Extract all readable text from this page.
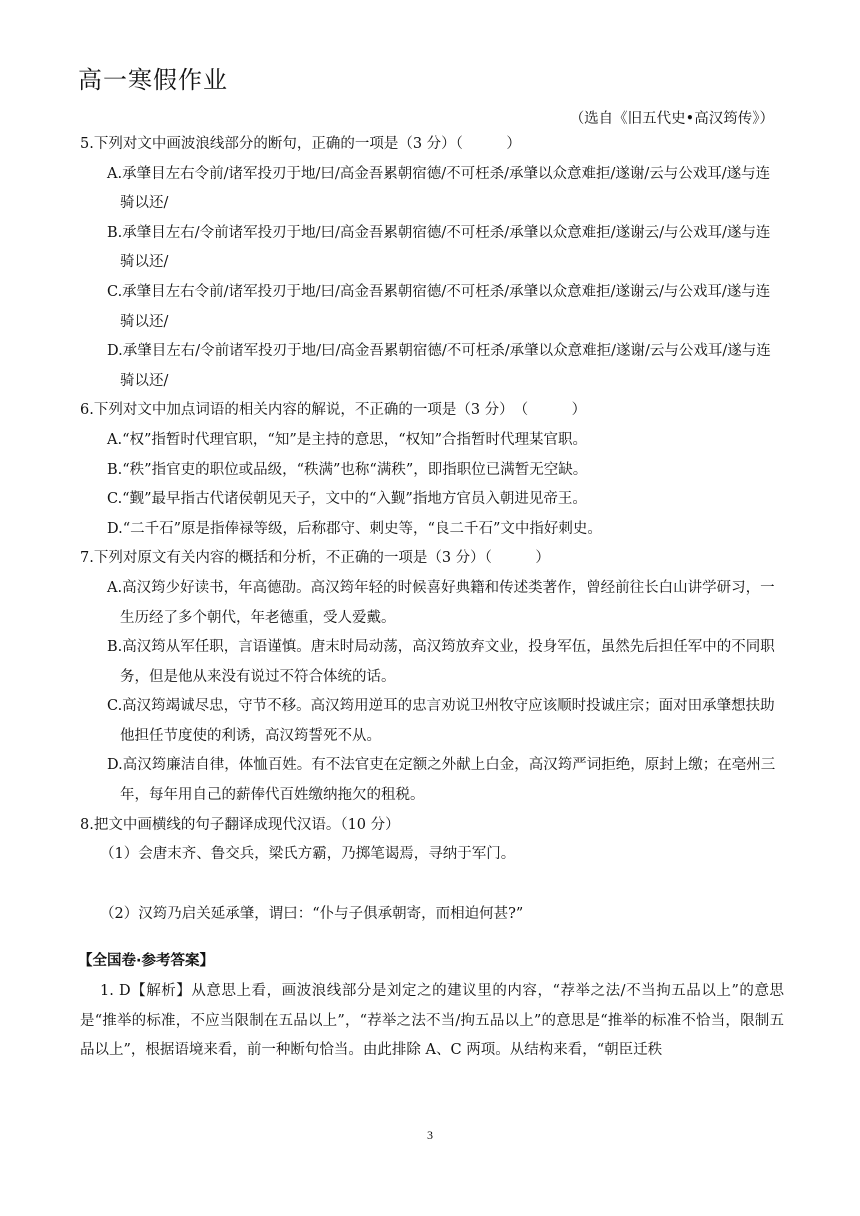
高一寒假作业
（选自《旧五代史•高汉筠传》）

5.下列对文中画波浪线部分的断句，正确的一项是（3 分）（　　　）

A.承肇目左右令前/诸军投刃于地/曰/高金吾累朝宿德/不可枉杀/承肇以众意难拒/遂谢/云与公戏耳/遂与连骑以还/

B.承肇目左右/令前诸军投刃于地/曰/高金吾累朝宿德/不可枉杀/承肇以众意难拒/遂谢云/与公戏耳/遂与连骑以还/

C.承肇目左右令前/诸军投刃于地/曰/高金吾累朝宿德/不可枉杀/承肇以众意难拒/遂谢云/与公戏耳/遂与连骑以还/

D.承肇目左右/令前诸军投刃于地/曰/高金吾累朝宿德/不可枉杀/承肇以众意难拒/遂谢/云与公戏耳/遂与连骑以还/

6.下列对文中加点词语的相关内容的解说，不正确的一项是（3 分）　（　　　）

A.“权”指暂时代理官职，“知”是主持的意思，“权知”合指暂时代理某官职。

B.“秩”指官吏的职位或品级，“秩满”也称“满秩”，即指职位已满暂无空缺。

C.“觐”最早指古代诸侯朝见天子，文中的“入觐”指地方官员入朝进见帝王。

D.“二千石”原是指俸禄等级，后称郡守、刺史等，“良二千石”文中指好刺史。

7.下列对原文有关内容的概括和分析，不正确的一项是（3 分）（　　　）

A.高汉筠少好读书，年高德劭。高汉筠年轻的时候喜好典籍和传述类著作，曾经前往长白山讲学研习，一生历经了多个朝代，年老德重，受人爱戴。

B.高汉筠从军任职，言语谨慎。唐末时局动荡，高汉筠放弃文业，投身军伍，虽然先后担任军中的不同职务，但是他从来没有说过不符合体统的话。

C.高汉筠竭诚尽忠，守节不移。高汉筠用逆耳的忠言劝说卫州牧守应该顺时投诚庄宗；面对田承肇想扶助他担任节度使的利诱，高汉筠誓死不从。

D.高汉筠廉洁自律，体恤百姓。有不法官吏在定额之外献上白金，高汉筠严词拒绝，原封上缴；在亳州三年，每年用自己的薪俸代百姓缴纳拖欠的租税。

8.把文中画横线的句子翻译成现代汉语。（10 分）

（1）会唐末齐、鲁交兵，梁氏方霸，乃掷笔谒焉，寻纳于军门。

（2）汉筠乃启关延承肇，谓曰：“仆与子俱承朝寄，而相迫何甚?”

【全国卷·参考答案】

1. D【解析】从意思上看，画波浪线部分是刘定之的建议里的内容，“荐举之法/不当拘五品以上”的意思是“推举的标准，不应当限制在五品以上”，“荐举之法不当/拘五品以上”的意思是“推举的标准不恰当，限制五品以上”，根据语境来看，前一种断句恰当。由此排除 A、C 两项。从结构来看，“朝臣迁秩

3
